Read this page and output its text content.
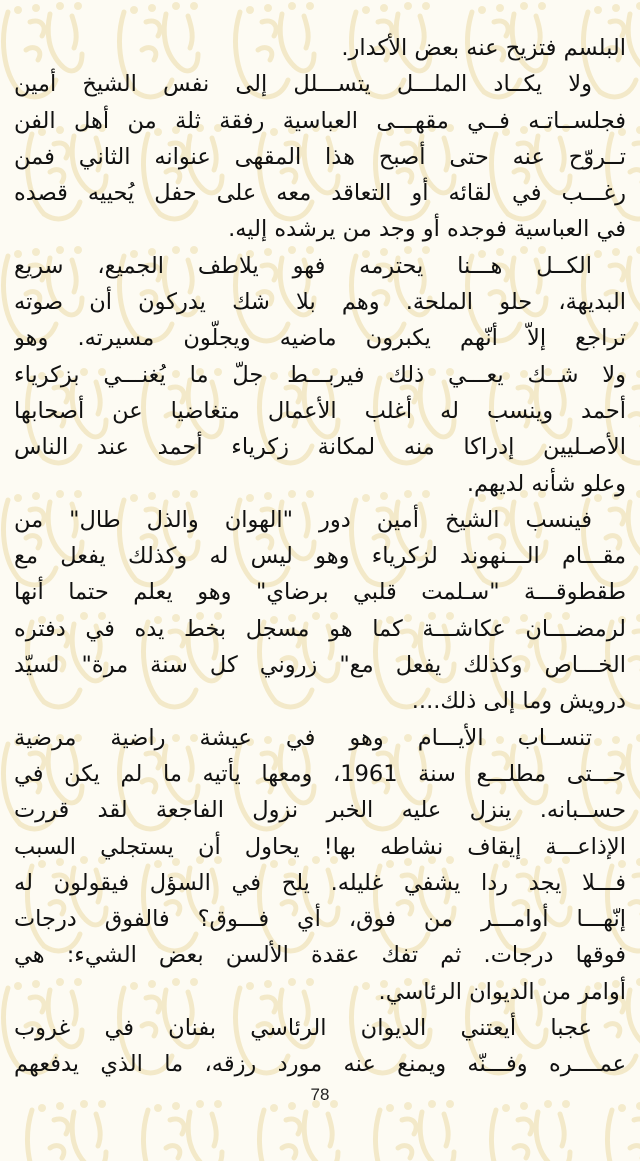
البلسم فتزيح عنه بعض الأكدار.
ولا يكــاد الملـــل يتســـلل إلى نفس الشيخ أمين
فجلســاتـه فــي مقهـــى العباسية رفقة ثلة من أهل الفن
تــروّح عنه حتى أصبح هذا المقهى عنوانه الثاني فمن
رغـــب في لقائه أو التعاقد معه على حفل يُحييه قصده
في العباسية فوجده أو وجد من يرشده إليه.
الكــل هـــنا يحترمه فهو يلاطف الجميع، سريع
البديهة، حلو الملحة. وهم بلا شك يدركون أن صوته
تراجع إلاّ أنّهم يكبرون ماضيه ويجلّون مسيرته. وهو
ولا شــك يعـــي ذلك فيربـــط جلّ ما يُغنـــي بزكرياء
أحمد وينسب له أغلب الأعمال متغاضيا عن أصحابها
الأصـليين إدراكا منه لمكانة زكرياء أحمد عند الناس
وعلو شأنه لديهم.
فينسب الشيخ أمين دور "الهوان والذل طال" من
مقـــام الـــنهوند لزكرياء وهو ليس له وكذلك يفعل مع
طقطوقـــة "سـلمت قلبي برضاي" وهو يعلم حتما أنها
لرمضــــان عكاشـــة كما هو مسجل بخط يده في دفتره
الخـــاص وكذلك يفعل مع" زروني كل سنة مرة" لسيّد
درويش وما إلى ذلك....
تنســاب الأيـــام وهو في عيشة راضية مرضية
حـــتى مطلـــع سنة 1961، ومعها يأتيه ما لم يكن في
حســبانه. ينزل عليه الخبر نزول الفاجعة لقد قررت
الإذاعـــة إيقاف نشاطه بها! يحاول أن يستجلي السبب
فـــلا يجد ردا يشفي غليله. يلح في السؤل فيقولون له
إنّهـــا أوامـــر من فوق، أي فـــوق؟ فالفوق درجات
فوقها درجات. ثم تفك عقدة الألسن بعض الشيء: هي
أوامر من الديوان الرئاسي.
عجبا أيعتني الديوان الرئاسي بفنان في غروب
عمــــره وفـــنّه ويمنع عنه مورد رزقه، ما الذي يدفعهم
78
